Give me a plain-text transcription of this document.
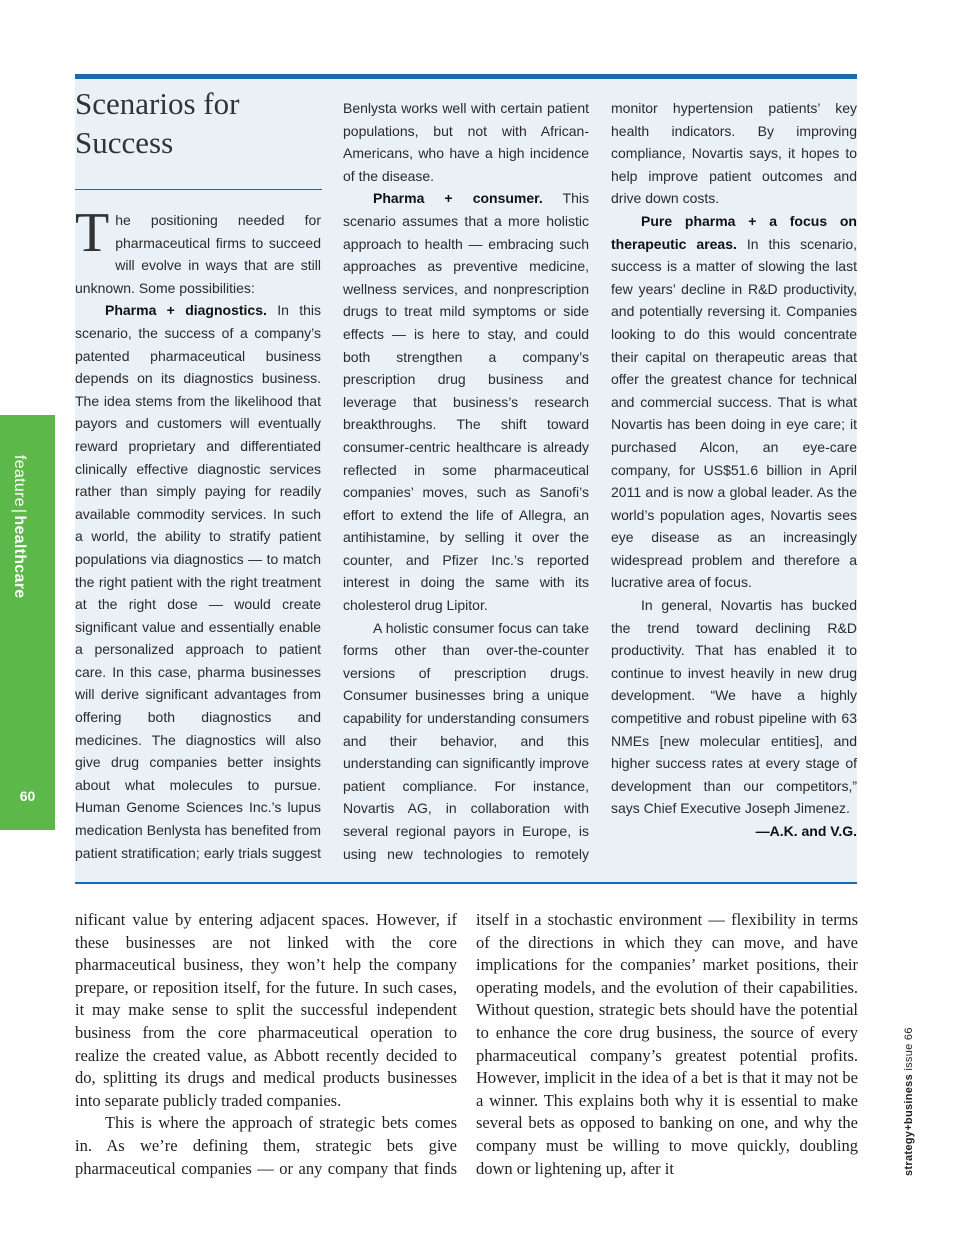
Scenarios for Success

The positioning needed for pharmaceutical firms to succeed will evolve in ways that are still unknown. Some possibilities:

Pharma + diagnostics. In this scenario, the success of a company’s patented pharmaceutical business depends on its diagnostics business. The idea stems from the likelihood that payors and customers will eventually reward proprietary and differentiated clinically effective diagnostic services rather than simply paying for readily available commodity services. In such a world, the ability to stratify patient populations via diagnostics — to match the right patient with the right treatment at the right dose — would create significant value and essentially enable a personalized approach to patient care. In this case, pharma businesses will derive significant advantages from offering both diagnostics and medicines. The diagnostics will also give drug companies better insights about what molecules to pursue. Human Genome Sciences Inc.’s lupus medication Benlysta has benefited from patient stratification; early trials suggest Benlysta works well with certain patient populations, but not with African-Americans, who have a high incidence of the disease.

Pharma + consumer. This scenario assumes that a more holistic approach to health — embracing such approaches as preventive medicine, wellness services, and nonprescription drugs to treat mild symptoms or side effects — is here to stay, and could both strengthen a company’s prescription drug business and leverage that business’s research breakthroughs. The shift toward consumer-centric healthcare is already reflected in some pharmaceutical companies’ moves, such as Sanofi’s effort to extend the life of Allegra, an antihistamine, by selling it over the counter, and Pfizer Inc.’s reported interest in doing the same with its cholesterol drug Lipitor.

A holistic consumer focus can take forms other than over-the-counter versions of prescription drugs. Consumer businesses bring a unique capability for understanding consumers and their behavior, and this understanding can significantly improve patient compliance. For instance, Novartis AG, in collaboration with several regional payors in Europe, is using new technologies to remotely monitor hypertension patients’ key health indicators. By improving compliance, Novartis says, it hopes to help improve patient outcomes and drive down costs.

Pure pharma + a focus on therapeutic areas. In this scenario, success is a matter of slowing the last few years’ decline in R&D productivity, and potentially reversing it. Companies looking to do this would concentrate their capital on therapeutic areas that offer the greatest chance for technical and commercial success. That is what Novartis has been doing in eye care; it purchased Alcon, an eye-care company, for US$51.6 billion in April 2011 and is now a global leader. As the world’s population ages, Novartis sees eye disease as an increasingly widespread problem and therefore a lucrative area of focus.

In general, Novartis has bucked the trend toward declining R&D productivity. That has enabled it to continue to invest heavily in new drug development. “We have a highly competitive and robust pipeline with 63 NMEs [new molecular entities], and higher success rates at every stage of development than our competitors,” says Chief Executive Joseph Jimenez.

—A.K. and V.G.

feature|healthcare
60

nificant value by entering adjacent spaces. However, if these businesses are not linked with the core pharmaceutical business, they won’t help the company prepare, or reposition itself, for the future. In such cases, it may make sense to split the successful independent business from the core pharmaceutical operation to realize the created value, as Abbott recently decided to do, splitting its drugs and medical products businesses into separate publicly traded companies.

This is where the approach of strategic bets comes in. As we’re defining them, strategic bets give pharmaceutical companies — or any company that finds itself in a stochastic environment — flexibility in terms of the directions in which they can move, and have implications for the companies’ market positions, their operating models, and the evolution of their capabilities. Without question, strategic bets should have the potential to enhance the core drug business, the source of every pharmaceutical company’s greatest potential profits. However, implicit in the idea of a bet is that it may not be a winner. This explains both why it is essential to make several bets as opposed to banking on one, and why the company must be willing to move quickly, doubling down or lightening up, after it	strategy+business issue 66
